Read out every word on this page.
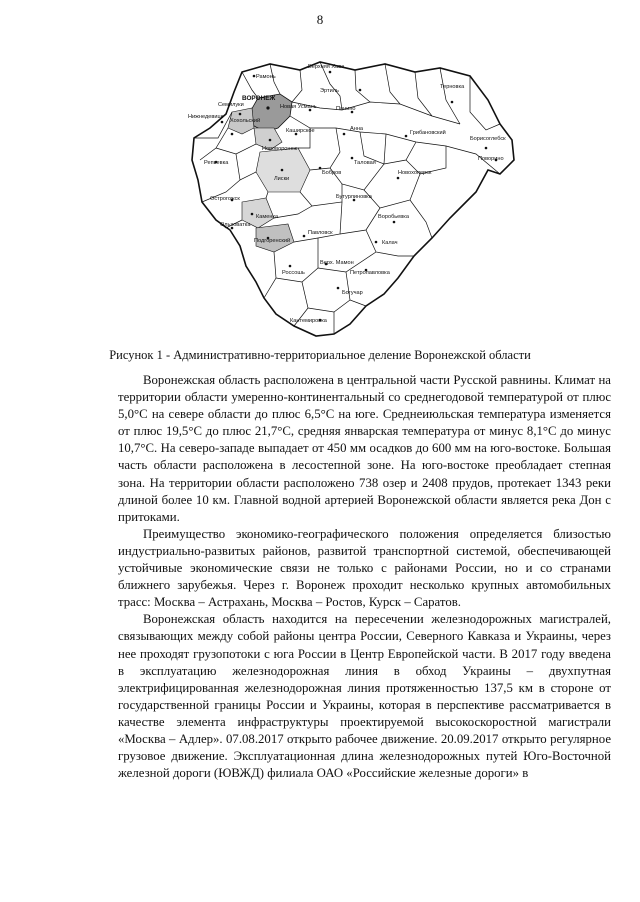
8
Рамонь
Верхняя Хава
Эртиль
ВОРОНЕЖ
Семилуки	Новая Усмань	Панино
Нижнедевицк
Хохольский
Каширское	Анна
Грибановский
Терновка
Борисоглебск
Поворино
Нововоронеж
Репьевка	Таловая
Новохоперск
Лиски
Бобров
Острогожск	Бутурлиновка
Каменка	Воробьевка
Ольховатка
Подгоренский
Павловск
Калач
Россошь
Верх. Мамон
Петропавловка
Богучар
Кантемировка
Рисунок 1 - Административно-территориальное деление Воронежской области

Воронежская область расположена в центральной части Русской равнины. Климат на территории области умеренно-континентальный со среднегодовой температурой от плюс 5,0°С на севере области до плюс 6,5°С на юге. Среднеиюльская температура изменяется от плюс 19,5°С до плюс 21,7°С, средняя январская температура от минус 8,1°С до минус 10,7°С. На северо-западе выпадает от 450 мм осадков до 600 мм на юго-востоке. Большая часть области расположена в лесостепной зоне. На юго-востоке преобладает степная зона. На территории области расположено 738 озер и 2408 прудов, протекает 1343 реки длиной более 10 км. Главной водной артерией Воронежской области является река Дон с притоками.

Преимущество экономико-географического положения определяется близостью индустриально-развитых районов, развитой транспортной системой, обеспечивающей устойчивые экономические связи не только с районами России, но и со странами ближнего зарубежья. Через г. Воронеж проходит несколько крупных автомобильных трасс: Москва – Астрахань, Москва – Ростов, Курск – Саратов.

Воронежская область находится на пересечении железнодорожных магистралей, связывающих между собой районы центра России, Северного Кавказа и Украины, через нее проходят грузопотоки с юга России в Центр Европейской части. В 2017 году введена в эксплуатацию железнодорожная линия в обход Украины – двухпутная электрифицированная железнодорожная линия протяженностью 137,5 км в стороне от государственной границы России и Украины, которая в перспективе рассматривается в качестве элемента инфраструктуры проектируемой высокоскоростной магистрали «Москва – Адлер». 07.08.2017 открыто рабочее движение. 20.09.2017 открыто регулярное грузовое движение. Эксплуатационная длина железнодорожных путей Юго-Восточной железной дороги (ЮВЖД) филиала ОАО «Российские железные дороги» в
